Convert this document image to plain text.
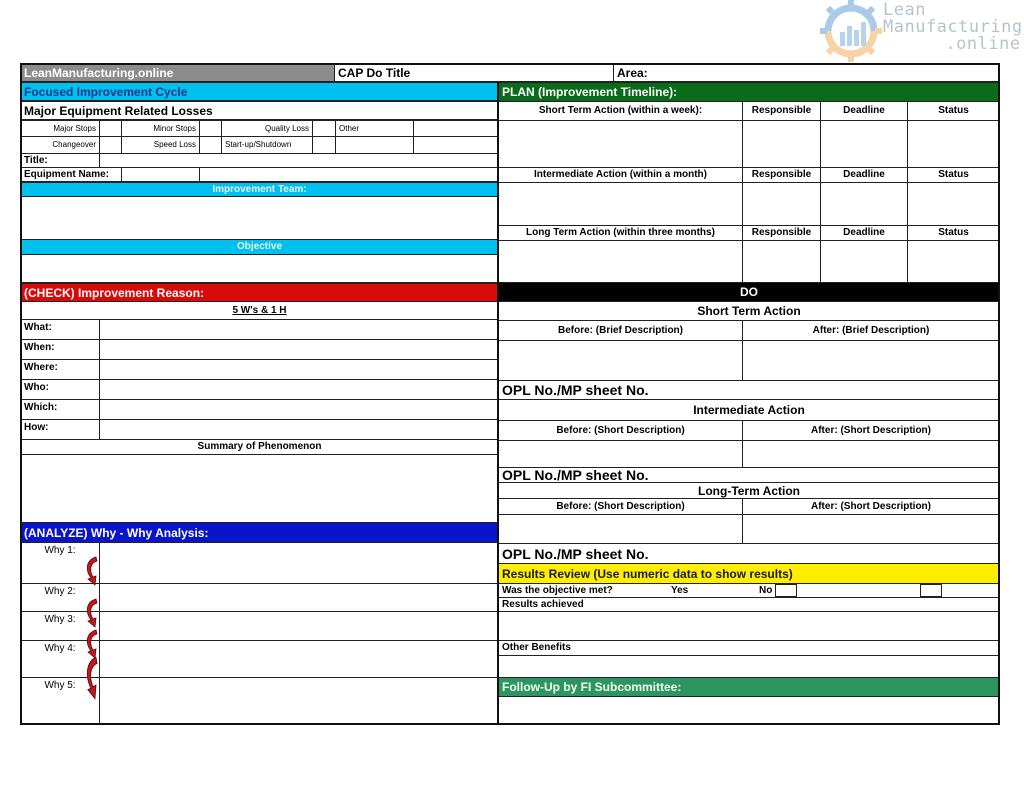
Lean
Manufacturing
.online
LeanManufacturing.online	CAP Do Title	Area:
Focused Improvement Cycle
Major Equipment Related Losses
Major Stops	Minor Stops	Quality Loss	Other
Changeover	Speed Loss	Start-up/Shutdown
Title:
Equipment Name:
Improvement Team:
Objective
(CHECK) Improvement Reason:
5 W's & 1 H
What:
When:
Where:
Who:
Which:
How:
Summary of Phenomenon
(ANALYZE) Why - Why Analysis:
Why 1:
Why 2:
Why 3:
Why 4:
Why 5:
PLAN (Improvement Timeline):
Short Term Action (within a week):	Responsible	Deadline	Status
Intermediate Action (within a month)	Responsible	Deadline	Status
Long Term Action (within three months)	Responsible	Deadline	Status
DO
Short Term Action
Before: (Brief Description)	After: (Brief Description)
OPL No./MP sheet No.
Intermediate Action
Before: (Short Description)	After: (Short Description)
OPL No./MP sheet No.
Long-Term Action
Before: (Short Description)	After: (Short Description)
OPL No./MP sheet No.
Results Review (Use numeric data to show results)
Was the objective met?	Yes	No
Results achieved
Other Benefits
Follow-Up by FI Subcommittee:
